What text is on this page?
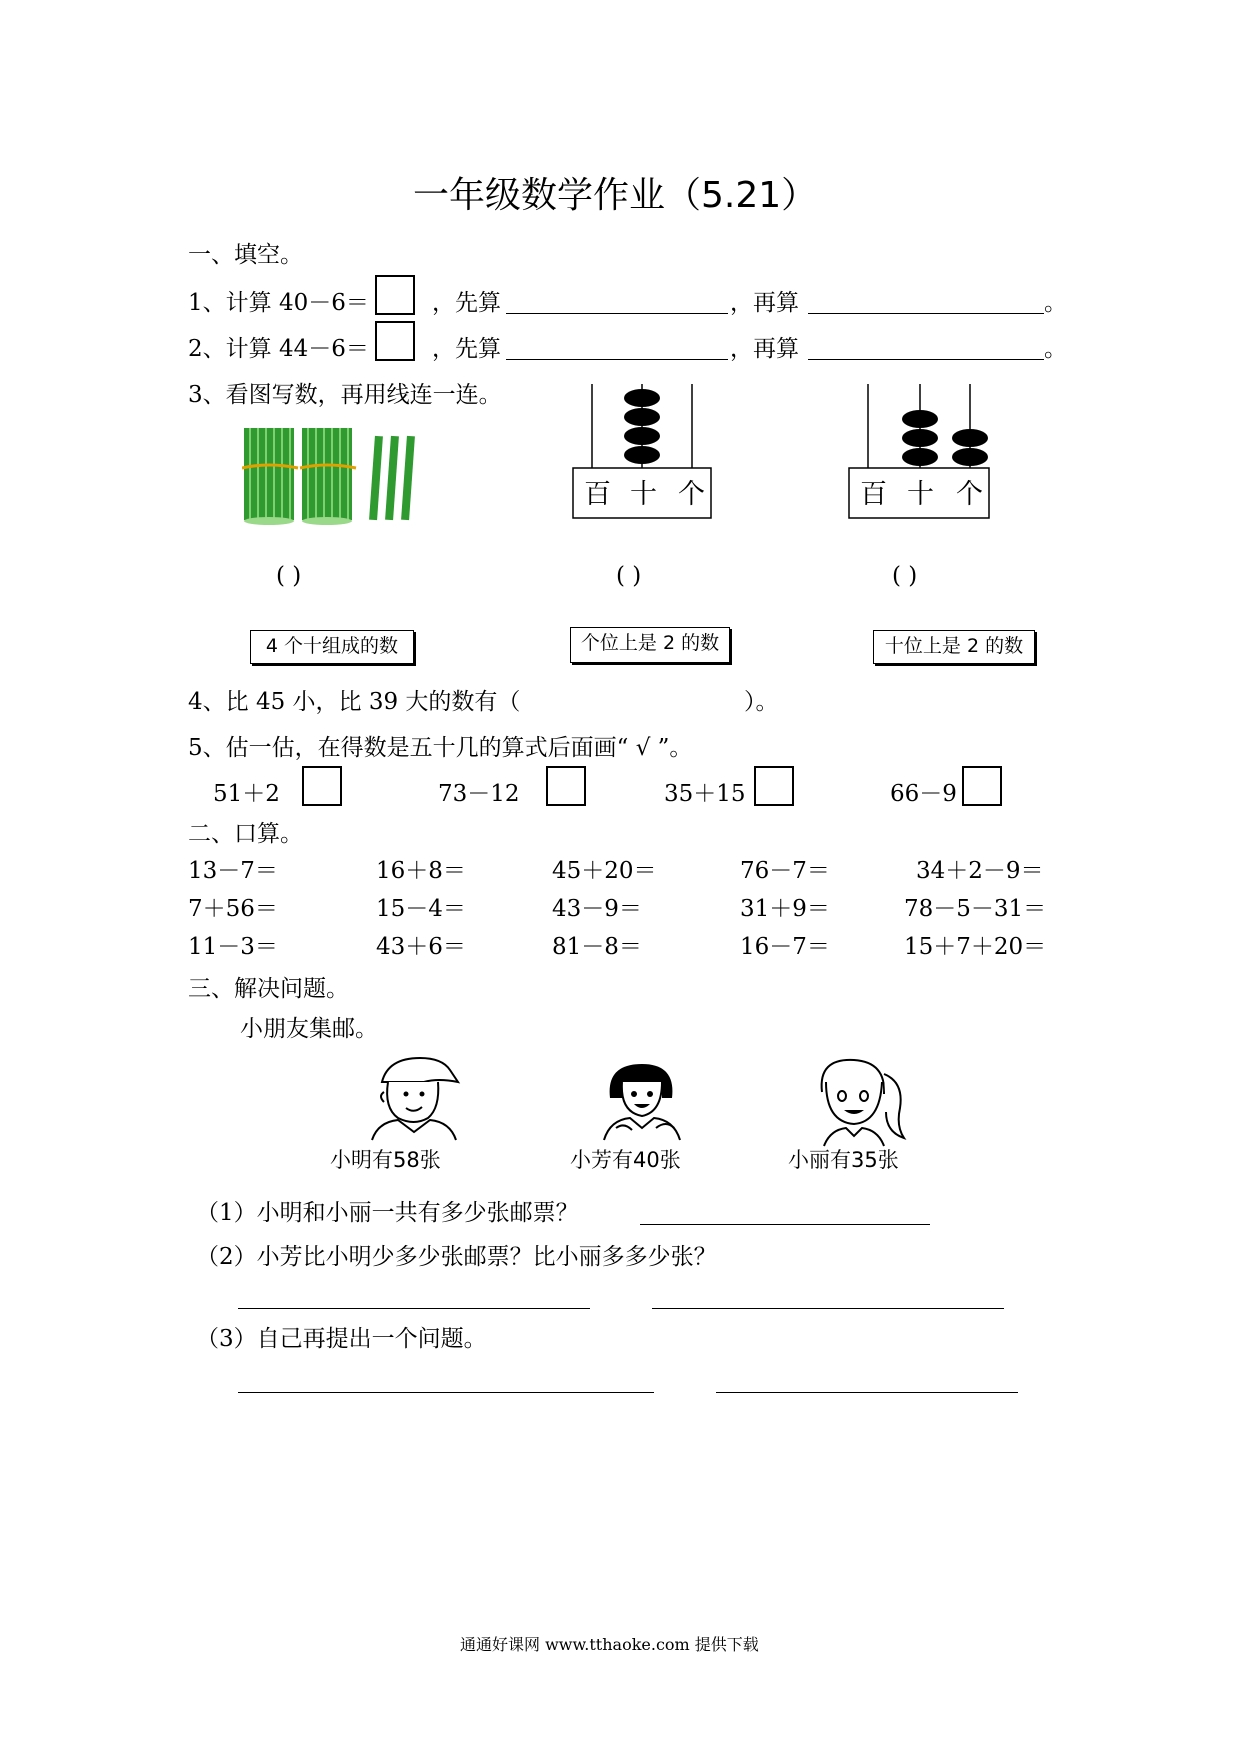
一年级数学作业（5.21）
一、填空。
1、计算 40－6＝	，先算	，再算	。
2、计算 44－6＝	，先算	，再算	。
3、看图写数，再用线连一连。
百 十 个	百 十 个
( )	( )	( )
4 个十组成的数	个位上是 2 的数	十位上是 2 的数
4、比 45 小，比 39 大的数有（	）。
5、估一估，在得数是五十几的算式后面画“ √ ”。
51＋2	73－12	35＋15	66－9
二、口算。
13－7＝	16＋8＝	45＋20＝	76－7＝	34＋2－9＝
7＋56＝	15－4＝	43－9＝	31＋9＝	78－5－31＝
11－3＝	43＋6＝	81－8＝	16－7＝	15＋7＋20＝
三、解决问题。
小朋友集邮。
小明有58张	小芳有40张	小丽有35张
（1）小明和小丽一共有多少张邮票？
（2）小芳比小明少多少张邮票？比小丽多多少张？
（3）自己再提出一个问题。
通通好课网 www.tthaoke.com 提供下载
